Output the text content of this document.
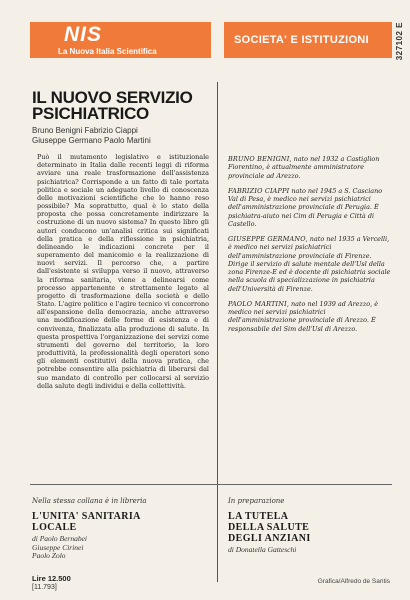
327102 E
NIS
La Nuova Italia Scientifica
SOCIETA' E ISTITUZIONI
IL NUOVO SERVIZIO
PSICHIATRICO
Bruno Benigni Fabrizio Ciappi
Giuseppe Germano Paolo Martini

Può il mutamento legislativo e istituzionale determinato in Italia dalle recenti leggi di riforma avviare una reale trasformazione dell'assistenza psichiatrica? Corrisponde a un fatto di tale portata politica e sociale un adeguato livello di conoscenza delle motivazioni scientifiche che lo hanno reso possibile? Ma soprattutto, qual è lo stato della proposta che possa concretamente indirizzare la costruzione di un nuovo sistema? In questo libro gli autori conducono un'analisi critica sui significati della pratica e della riflessione in psichiatria, delineando le indicazioni concrete per il superamento del manicomio e la realizzazione di nuovi servizi. Il percorso che, a partire dall'esistente si sviluppa verso il nuovo, attraverso la riforma sanitaria, viene a delinearsi come processo appartenente e strettamente legato al progetto di trasformazione della società e dello Stato. L'agire politico e l'agire tecnico vi concorrono all'espansione della democrazia, anche attraverso una modificazione delle forme di esistenza e di convivenza, finalizzata alla produzione di salute. In questa prospettiva l'organizzazione dei servizi come strumenti del governo del territorio, la loro produttività, la professionalità degli operatori sono gli elementi costitutivi della nuova pratica, che potrebbe consentire alla psichiatria di liberarsi dal suo mandato di controllo per collocarsi al servizio della salute degli individui e della collettività.

BRUNO BENIGNI, nato nel 1932 a Castiglion Fiorentino, è attualmente amministratore provinciale ad Arezzo.

FABRIZIO CIAPPI nato nel 1945 a S. Casciano Val di Pesa, è medico nei servizi psichiatrici dell'amministrazione provinciale di Perugia. È psichiatra-aiuto nei Cim di Perugia e Città di Castello.

GIUSEPPE GERMANO, nato nel 1935 a Vercelli, è medico nei servizi psichiatrici dell'amministrazione provinciale di Firenze. Dirige il servizio di salute mentale dell'Usl della zona Firenze-E ed è docente di psichiatria sociale nella scuola di specializzazione in psichiatria dell'Università di Firenze.

PAOLO MARTINI, nato nel 1939 ad Arezzo, è medico nei servizi psichiatrici dell'amministrazione provinciale di Arezzo. È responsabile del Sim dell'Usl di Arezzo.

Nella stessa collana è in libreria
L'UNITA' SANITARIA
LOCALE
di Paolo Bernabei
Giuseppe Cirinei
Paolo Zolo
In preparazione
LA TUTELA
DELLA SALUTE
DEGLI ANZIANI
di Donatella Gatteschi
Lire 12.500
[11.793]
Grafica/Alfredo de Santis
